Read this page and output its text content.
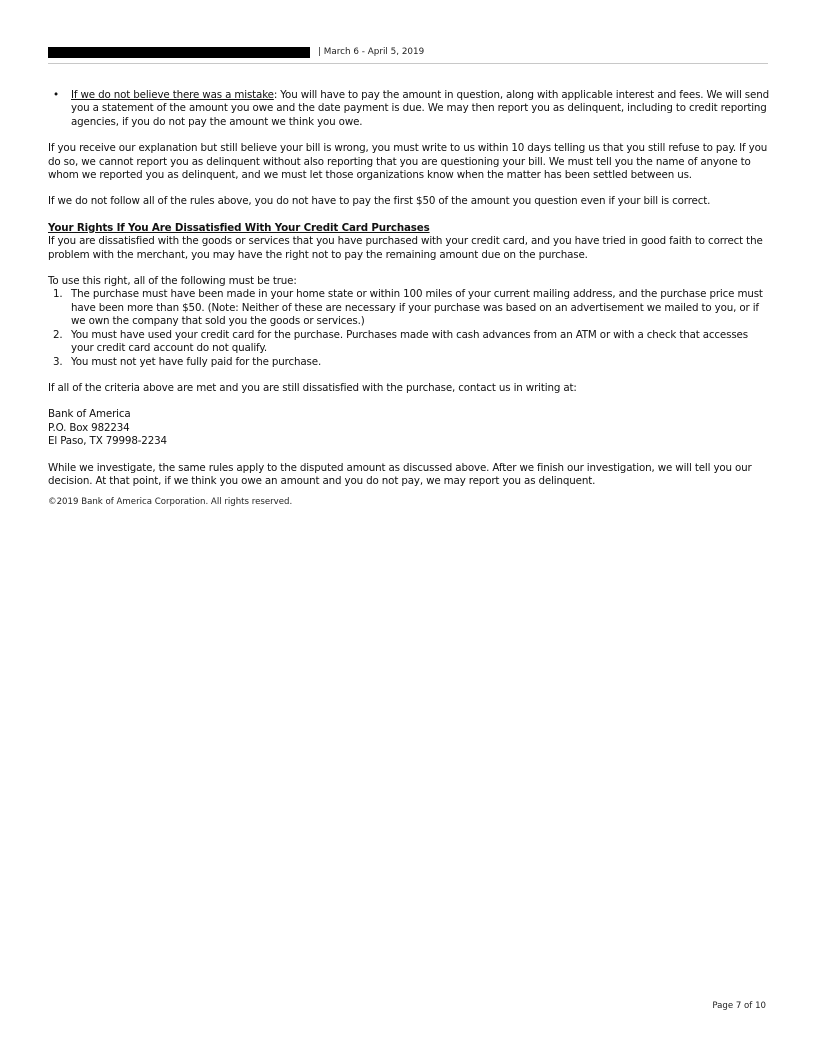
| March 6 - April 5, 2019
• If we do not believe there was a mistake: You will have to pay the amount in question, along with applicable interest and fees. We will send you a statement of the amount you owe and the date payment is due. We may then report you as delinquent, including to credit reporting agencies, if you do not pay the amount we think you owe.

If you receive our explanation but still believe your bill is wrong, you must write to us within 10 days telling us that you still refuse to pay. If you do so, we cannot report you as delinquent without also reporting that you are questioning your bill. We must tell you the name of anyone to whom we reported you as delinquent, and we must let those organizations know when the matter has been settled between us.

If we do not follow all of the rules above, you do not have to pay the first $50 of the amount you question even if your bill is correct.

Your Rights If You Are Dissatisfied With Your Credit Card Purchases

If you are dissatisfied with the goods or services that you have purchased with your credit card, and you have tried in good faith to correct the problem with the merchant, you may have the right not to pay the remaining amount due on the purchase.

To use this right, all of the following must be true:

1. The purchase must have been made in your home state or within 100 miles of your current mailing address, and the purchase price must have been more than $50. (Note: Neither of these are necessary if your purchase was based on an advertisement we mailed to you, or if we own the company that sold you the goods or services.)
2. You must have used your credit card for the purchase. Purchases made with cash advances from an ATM or with a check that accesses your credit card account do not qualify.
3. You must not yet have fully paid for the purchase.

If all of the criteria above are met and you are still dissatisfied with the purchase, contact us in writing at:

Bank of America

P.O. Box 982234

El Paso, TX 79998-2234

While we investigate, the same rules apply to the disputed amount as discussed above. After we finish our investigation, we will tell you our decision. At that point, if we think you owe an amount and you do not pay, we may report you as delinquent.

©2019 Bank of America Corporation. All rights reserved.

Page 7 of 10
